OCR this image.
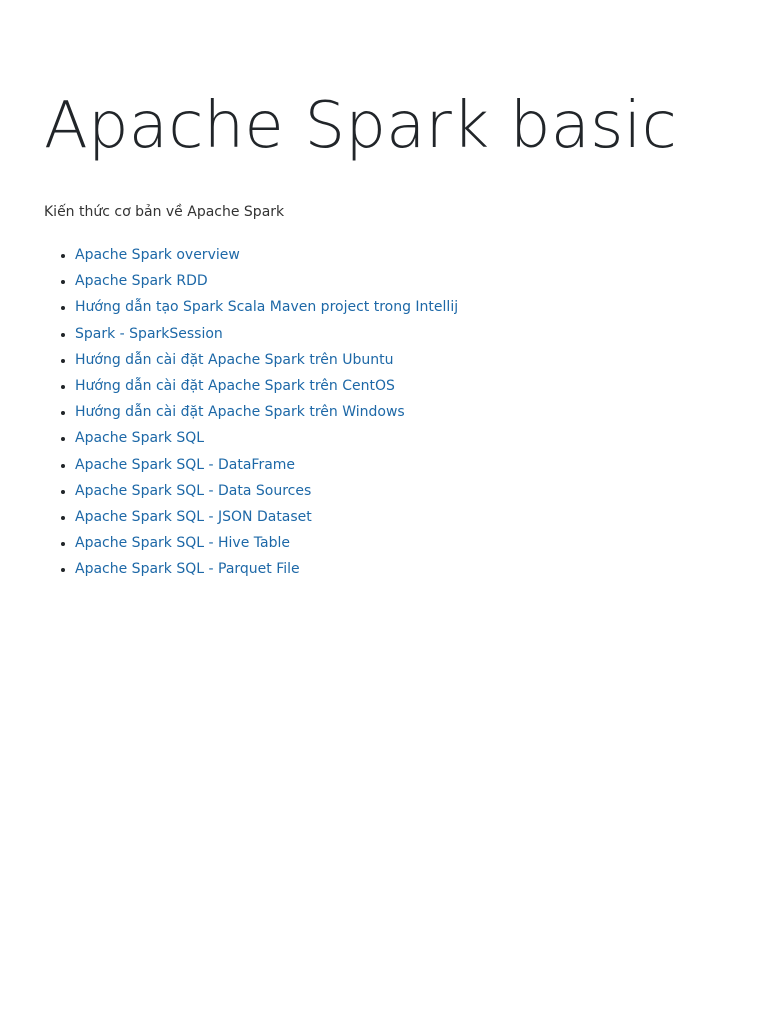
Apache Spark basic

Kiến thức cơ bản về Apache Spark

• Apache Spark overview
• Apache Spark RDD
• Hướng dẫn tạo Spark Scala Maven project trong Intellij
• Spark - SparkSession
• Hướng dẫn cài đặt Apache Spark trên Ubuntu
• Hướng dẫn cài đặt Apache Spark trên CentOS
• Hướng dẫn cài đặt Apache Spark trên Windows
• Apache Spark SQL
• Apache Spark SQL - DataFrame
• Apache Spark SQL - Data Sources
• Apache Spark SQL - JSON Dataset
• Apache Spark SQL - Hive Table
• Apache Spark SQL - Parquet File
